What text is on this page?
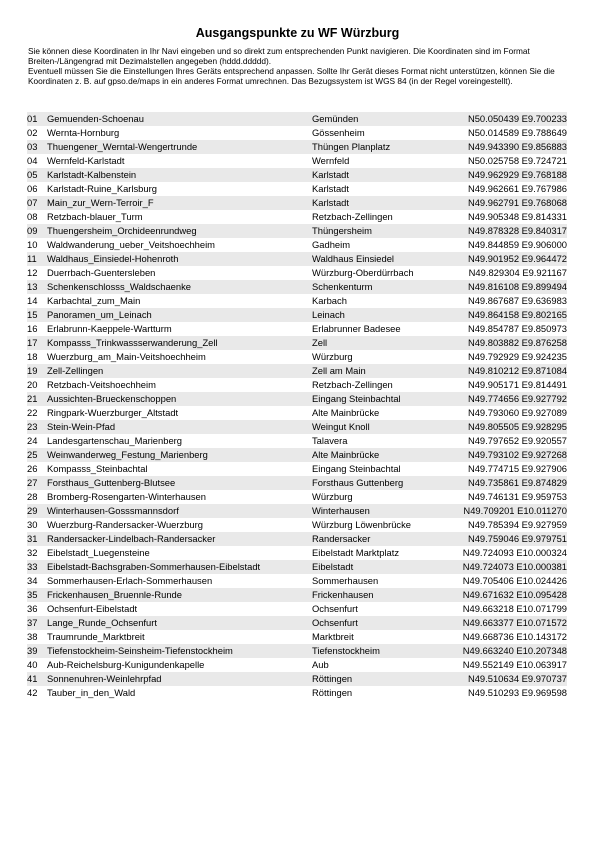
Ausgangspunkte zu WF Würzburg

Sie können diese Koordinaten in Ihr Navi eingeben und so direkt zum entsprechenden Punkt navigieren. Die Koordinaten sind im Format Breiten-/Längengrad mit Dezimalstellen angegeben (hddd.ddddd).

Eventuell müssen Sie die Einstellungen Ihres Geräts entsprechend anpassen. Sollte Ihr Gerät dieses Format nicht unterstützen, können Sie die Koordinaten z. B. auf gpso.de/maps in ein anderes Format umrechnen. Das Bezugssystem ist WGS 84 (in der Regel voreingestellt).

01	Gemuenden-Schoenau	Gemünden	N50.050439 E9.700233
02	Wernta-Hornburg	Gössenheim	N50.014589 E9.788649
03	Thuengener_Werntal-Wengertrunde	Thüngen Planplatz	N49.943390 E9.856883
04	Wernfeld-Karlstadt	Wernfeld	N50.025758 E9.724721
05	Karlstadt-Kalbenstein	Karlstadt	N49.962929 E9.768188
06	Karlstadt-Ruine_Karlsburg	Karlstadt	N49.962661 E9.767986
07	Main_zur_Wern-Terroir_F	Karlstadt	N49.962791 E9.768068
08	Retzbach-blauer_Turm	Retzbach-Zellingen	N49.905348 E9.814331
09	Thuengersheim_Orchideenrundweg	Thüngersheim	N49.878328 E9.840317
10	Waldwanderung_ueber_Veitshoechheim	Gadheim	N49.844859 E9.906000
11	Waldhaus_Einsiedel-Hohenroth	Waldhaus Einsiedel	N49.901952 E9.964472
12	Duerrbach-Guentersleben	Würzburg-Oberdürrbach	N49.829304 E9.921167
13	Schenkenschlosss_Waldschaenke	Schenkenturm	N49.816108 E9.899494
14	Karbachtal_zum_Main	Karbach	N49.867687 E9.636983
15	Panoramen_um_Leinach	Leinach	N49.864158 E9.802165
16	Erlabrunn-Kaeppele-Wartturm	Erlabrunner Badesee	N49.854787 E9.850973
17	Kompasss_Trinkwassserwanderung_Zell	Zell	N49.803882 E9.876258
18	Wuerzburg_am_Main-Veitshoechheim	Würzburg	N49.792929 E9.924235
19	Zell-Zellingen	Zell am Main	N49.810212 E9.871084
20	Retzbach-Veitshoechheim	Retzbach-Zellingen	N49.905171 E9.814491
21	Aussichten-Brueckenschoppen	Eingang Steinbachtal	N49.774656 E9.927792
22	Ringpark-Wuerzburger_Altstadt	Alte Mainbrücke	N49.793060 E9.927089
23	Stein-Wein-Pfad	Weingut Knoll	N49.805505 E9.928295
24	Landesgartenschau_Marienberg	Talavera	N49.797652 E9.920557
25	Weinwanderweg_Festung_Marienberg	Alte Mainbrücke	N49.793102 E9.927268
26	Kompasss_Steinbachtal	Eingang Steinbachtal	N49.774715 E9.927906
27	Forsthaus_Guttenberg-Blutsee	Forsthaus Guttenberg	N49.735861 E9.874829
28	Bromberg-Rosengarten-Winterhausen	Würzburg	N49.746131 E9.959753
29	Winterhausen-Gosssmannsdorf	Winterhausen	N49.709201 E10.011270
30	Wuerzburg-Randersacker-Wuerzburg	Würzburg Löwenbrücke	N49.785394 E9.927959
31	Randersacker-Lindelbach-Randersacker	Randersacker	N49.759046 E9.979751
32	Eibelstadt_Luegensteine	Eibelstadt Marktplatz	N49.724093 E10.000324
33	Eibelstadt-Bachsgraben-Sommerhausen-Eibelstadt	Eibelstadt	N49.724073 E10.000381
34	Sommerhausen-Erlach-Sommerhausen	Sommerhausen	N49.705406 E10.024426
35	Frickenhausen_Bruennle-Runde	Frickenhausen	N49.671632 E10.095428
36	Ochsenfurt-Eibelstadt	Ochsenfurt	N49.663218 E10.071799
37	Lange_Runde_Ochsenfurt	Ochsenfurt	N49.663377 E10.071572
38	Traumrunde_Marktbreit	Marktbreit	N49.668736 E10.143172
39	Tiefenstockheim-Seinsheim-Tiefenstockheim	Tiefenstockheim	N49.663240 E10.207348
40	Aub-Reichelsburg-Kunigundenkapelle	Aub	N49.552149 E10.063917
41	Sonnenuhren-Weinlehrpfad	Röttingen	N49.510634 E9.970737
42	Tauber_in_den_Wald	Röttingen	N49.510293 E9.969598
